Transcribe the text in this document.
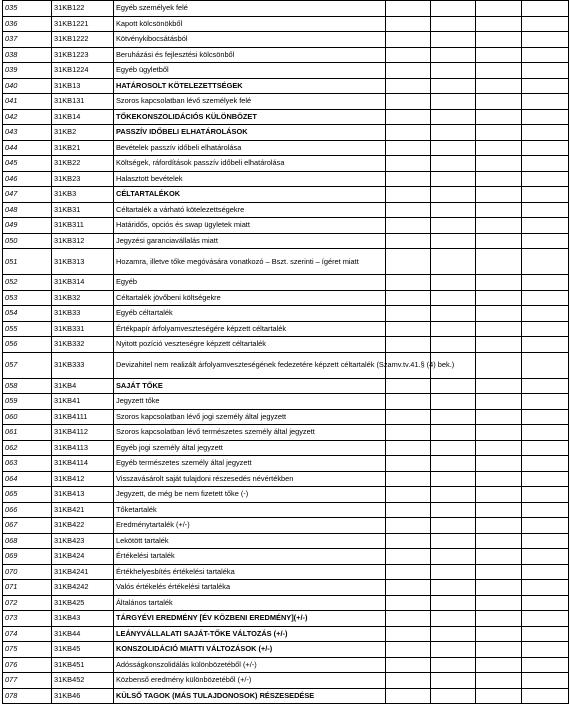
035	31KB122	Egyéb személyek felé				
036	31KB1221	Kapott kölcsönökből				
037	31KB1222	Kötvénykibocsátásból				
038	31KB1223	Beruházási és fejlesztési kölcsönből				
039	31KB1224	Egyéb ügyletből				
040	31KB13	HATÁROSOLT KÖTELEZETTSÉGEK				
041	31KB131	Szoros kapcsolatban lévő személyek felé				
042	31KB14	TŐKEKONSZOLIDÁCIÓS KÜLÖNBÖZET				
043	31KB2	PASSZÍV IDŐBELI ELHATÁROLÁSOK				
044	31KB21	Bevételek passzív időbeli elhatárolása				
045	31KB22	Költségek, ráfordítások passzív időbeli elhatárolása				
046	31KB23	Halasztott bevételek				
047	31KB3	CÉLTARTALÉKOK				
048	31KB31	Céltartalék a várható kötelezettségekre				
049	31KB311	Határidős, opciós és swap ügyletek miatt				
050	31KB312	Jegyzési garanciavállalás miatt				
051	31KB313	Hozamra, illetve tőke megóvására vonatkozó – Bszt. szerinti – ígéret miatt				
052	31KB314	Egyéb				
053	31KB32	Céltartalék jövőbeni költségekre				
054	31KB33	Egyéb céltartalék				
055	31KB331	Értékpapír árfolyamveszteségére képzett céltartalék				
056	31KB332	Nyitott pozíció veszteségre képzett céltartalék				
057	31KB333	Devizahitel nem realizált árfolyamveszteségének fedezetére képzett céltartalék (Szamv.tv.41.§ (4) bek.)				
058	31KB4	SAJÁT TŐKE				
059	31KB41	Jegyzett tőke				
060	31KB4111	Szoros kapcsolatban lévő jogi személy által jegyzett				
061	31KB4112	Szoros kapcsolatban lévő természetes személy által jegyzett				
062	31KB4113	Egyéb jogi személy által jegyzett				
063	31KB4114	Egyéb természetes személy által jegyzett				
064	31KB412	Visszavásárolt saját tulajdoni részesedés névértékben				
065	31KB413	Jegyzett, de még be nem fizetett tőke (-)				
066	31KB421	Tőketartalék				
067	31KB422	Eredménytartalék (+/-)				
068	31KB423	Lekötött tartalék				
069	31KB424	Értékelési tartalék				
070	31KB4241	Értékhelyesbítés értékelési tartaléka				
071	31KB4242	Valós értékelés értékelési tartaléka				
072	31KB425	Általános tartalék				
073	31KB43	TÁRGYÉVI EREDMÉNY [ÉV KÖZBENI EREDMÉNY](+/-)				
074	31KB44	LEÁNYVÁLLALATI SAJÁT-TŐKE VÁLTOZÁS (+/-)				
075	31KB45	KONSZOLIDÁCIÓ MIATTI VÁLTOZÁSOK (+/-)				
076	31KB451	Adósságkonszolidálás különbözetéből (+/-)				
077	31KB452	Közbenső eredmény különbözetéből (+/-)				
078	31KB46	KÜLSŐ TAGOK (MÁS TULAJDONOSOK) RÉSZESEDÉSE				
